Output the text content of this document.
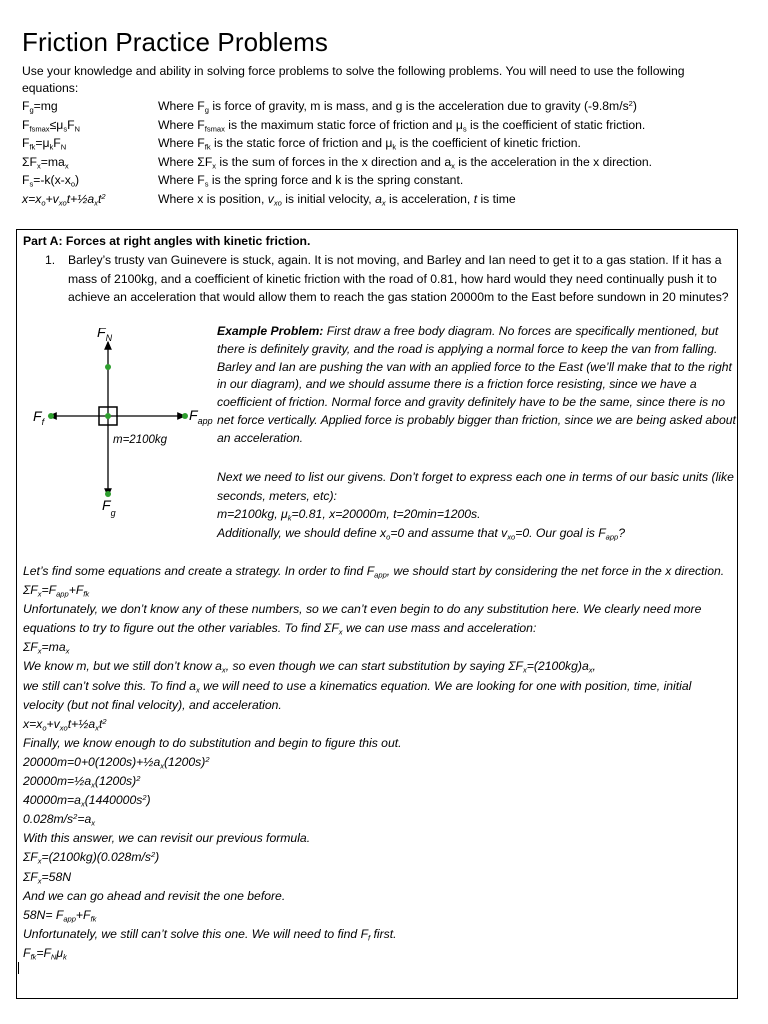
Friction Practice Problems
Use your knowledge and ability in solving force problems to solve the following problems. You will need to use the following equations:
$F_g=mg$	Where $F_g$ is force of gravity, m is mass, and g is the acceleration due to gravity $(-9.8m/s^2)$
$F_{fsmax}\le\mu_sF_N$	Where $F_{fsmax}$ is the maximum static force of friction and $\mu_s$ is the coefficient of static friction.
$F_{fk}=\mu_kF_N$	Where $F_{fk}$ is the static force of friction and $\mu_k$ is the coefficient of kinetic friction.
$\Sigma F_x=ma_x$	Where $\Sigma F_x$ is the sum of forces in the x direction and $a_x$ is the acceleration in the x direction.
$F_s=-k(x-x_o)$	Where $F_s$ is the spring force and k is the spring constant.
$x=x_o+v_{xo}t+\frac{1}{2}a_xt^2$	Where x is position, $v_{xo}$ is initial velocity, $a_x$ is acceleration, t is time
Part A: Forces at right angles with kinetic friction.
1. Barley’s trusty van Guinevere is stuck, again. It is not moving, and Barley and Ian need to get it to a gas station. If it has a mass of 2100kg, and a coefficient of kinetic friction with the road of 0.81, how hard would they need continually push it to achieve an acceleration that would allow them to reach the gas station 20000m to the East before sundown in 20 minutes?
$F_N$
$F_f$	$F_{app}$
$F_g$
m=2100kg
Example Problem: First draw a free body diagram. No forces are specifically mentioned, but there is definitely gravity, and the road is applying a normal force to keep the van from falling. Barley and Ian are pushing the van with an applied force to the East (we’ll make that to the right in our diagram), and we should assume there is a friction force resisting, since we have a coefficient of friction. Normal force and gravity definitely have to be the same, since there is no net force vertically. Applied force is probably bigger than friction, since we are being asked about an acceleration.
Next we need to list our givens. Don’t forget to express each one in terms of our basic units (like seconds, meters, etc):
m=2100kg, $\mu_k=0.81$, x=20000m, t=20min=1200s.
Additionally, we should define $x_o=0$ and assume that $v_{xo}=0$. Our goal is $F_{app}$?
Let’s find some equations and create a strategy. In order to find $F_{app}$, we should start by considering the net force in the x direction.
$\Sigma F_x=F_{app}+F_{fk}$
Unfortunately, we don’t know any of these numbers, so we can’t even begin to do any substitution here. We clearly need more equations to try to figure out the other variables. To find $\Sigma F_x$ we can use mass and acceleration:
$\Sigma F_x=ma_x$
We know m, but we still don’t know $a_x$, so even though we can start substitution by saying $\Sigma F_x=(2100kg)a_x$,
we still can’t solve this. To find $a_x$ we will need to use a kinematics equation. We are looking for one with position, time, initial velocity (but not final velocity), and acceleration.
$x=x_o+v_{xo}t+\frac{1}{2}a_xt^2$
Finally, we know enough to do substitution and begin to figure this out.
$20000m=0+0(1200s)+\frac{1}{2}a_x(1200s)^2$
$20000m=\frac{1}{2}a_x(1200s)^2$
$40000m=a_x(1440000s^2)$
$0.028m/s^2=a_x$
With this answer, we can revisit our previous formula.
$\Sigma F_x=(2100kg)(0.028m/s^2)$
$\Sigma F_x=58N$
And we can go ahead and revisit the one before.
$58N= F_{app}+F_{fk}$
Unfortunately, we still can’t solve this one. We will need to find $F_f$ first.
$F_{fk}=F_N\mu_k$
